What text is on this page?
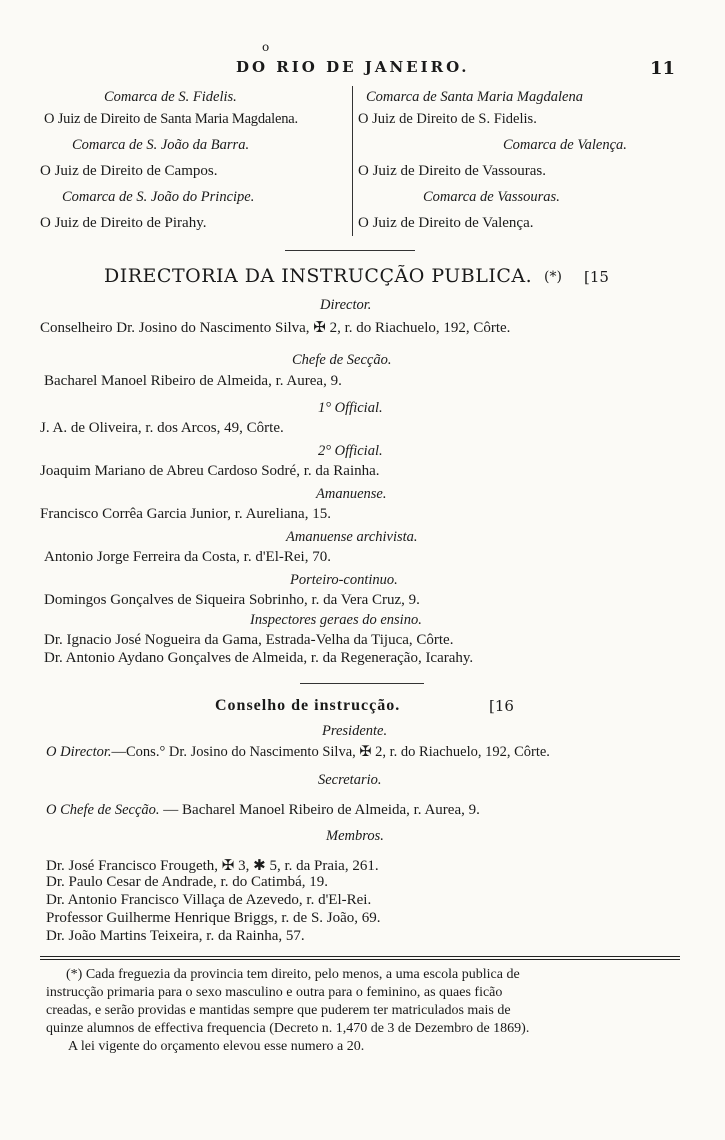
o
DO RIO DE JANEIRO.	11
Comarca de S. Fidelis.
O Juiz de Direito de Santa Maria Magdalena.
Comarca de S. João da Barra.
O Juiz de Direito de Campos.
Comarca de S. João do Principe.
O Juiz de Direito de Pirahy.
Comarca de Santa Maria Magdalena
O Juiz de Direito de S. Fidelis.
Comarca de Valença.
O Juiz de Direito de Vassouras.
Comarca de Vassouras.
O Juiz de Direito de Valença.
DIRECTORIA DA INSTRUCÇÃO PUBLICA. (*) [15
Director.
Conselheiro Dr. Josino do Nascimento Silva, ✠ 2, r. do Riachuelo, 192, Côrte.
Chefe de Secção.
Bacharel Manoel Ribeiro de Almeida, r. Aurea, 9.
1° Official.
J. A. de Oliveira, r. dos Arcos, 49, Côrte.
2° Official.
Joaquim Mariano de Abreu Cardoso Sodré, r. da Rainha.
Amanuense.
Francisco Corrêa Garcia Junior, r. Aureliana, 15.
Amanuense archivista.
Antonio Jorge Ferreira da Costa, r. d'El-Rei, 70.
Porteiro-continuo.
Domingos Gonçalves de Siqueira Sobrinho, r. da Vera Cruz, 9.
Inspectores geraes do ensino.
Dr. Ignacio José Nogueira da Gama, Estrada-Velha da Tijuca, Côrte.
Dr. Antonio Aydano Gonçalves de Almeida, r. da Regeneração, Icarahy.
Conselho de instrucção.	[16
Presidente.
O Director.—Cons.° Dr. Josino do Nascimento Silva, ✠ 2, r. do Riachuelo, 192, Côrte.
Secretario.
O Chefe de Secção. — Bacharel Manoel Ribeiro de Almeida, r. Aurea, 9.
Membros.
Dr. José Francisco Frougeth, ✠ 3, ✱ 5, r. da Praia, 261.
Dr. Paulo Cesar de Andrade, r. do Catimbá, 19.
Dr. Antonio Francisco Villaça de Azevedo, r. d'El-Rei.
Professor Guilherme Henrique Briggs, r. de S. João, 69.
Dr. João Martins Teixeira, r. da Rainha, 57.
(*) Cada freguezia da provincia tem direito, pelo menos, a uma escola publica de
instrucção primaria para o sexo masculino e outra para o feminino, as quaes ficão
creadas, e serão providas e mantidas sempre que puderem ter matriculados mais de
quinze alumnos de effectiva frequencia (Decreto n. 1,470 de 3 de Dezembro de 1869).
A lei vigente do orçamento elevou esse numero a 20.
